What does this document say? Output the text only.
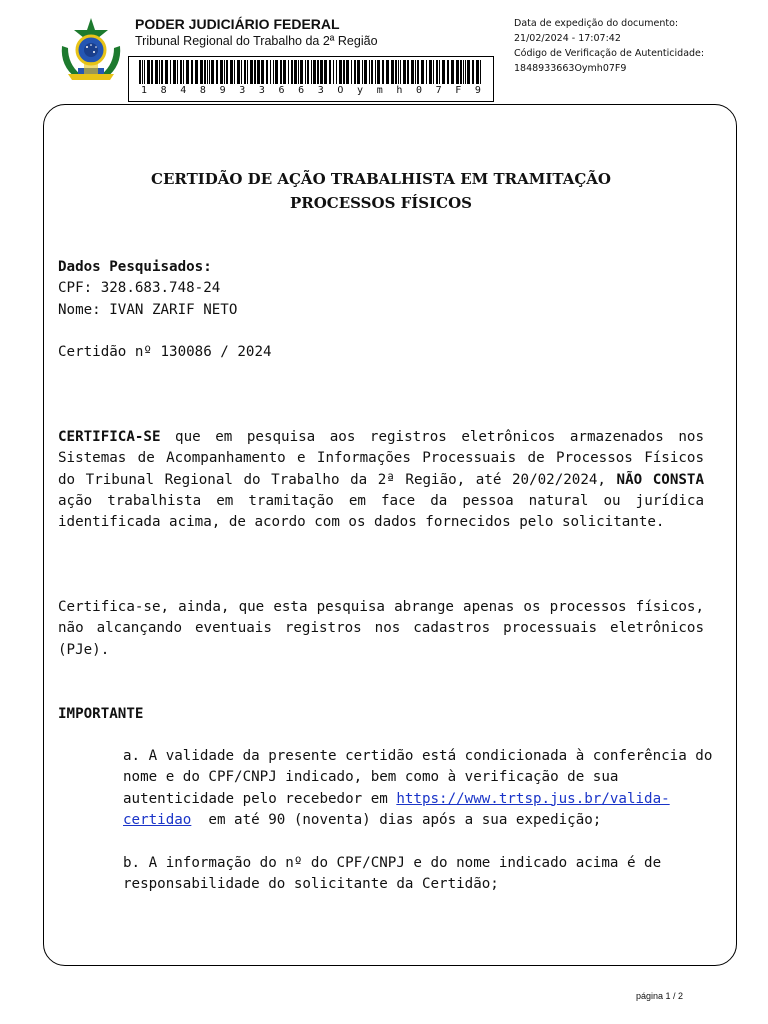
PODER JUDICIÁRIO FEDERAL
Tribunal Regional do Trabalho da 2ª Região
1 8 4 8 9 3 3 6 6 3 O y m h 0 7 F 9
Data de expedição do documento:
21/02/2024 - 17:07:42
Código de Verificação de Autenticidade:
1848933663Oymh07F9
CERTIDÃO DE AÇÃO TRABALHISTA EM TRAMITAÇÃO
PROCESSOS FÍSICOS
Dados Pesquisados:
CPF: 328.683.748-24
Nome: IVAN ZARIF NETO
Certidão nº 130086 / 2024
CERTIFICA-SE que em pesquisa aos registros eletrônicos armazenados nos Sistemas de Acompanhamento e Informações Processuais de Processos Físicos do Tribunal Regional do Trabalho da 2ª Região, até 20/02/2024, NÃO CONSTA ação trabalhista em tramitação em face da pessoa natural ou jurídica identificada acima, de acordo com os dados fornecidos pelo solicitante.
Certifica-se, ainda, que esta pesquisa abrange apenas os processos físicos, não alcançando eventuais registros nos cadastros processuais eletrônicos (PJe).
IMPORTANTE
a. A validade da presente certidão está condicionada à conferência do nome e do CPF/CNPJ indicado, bem como à verificação de sua autenticidade pelo recebedor em https://www.trtsp.jus.br/valida-certidao  em até 90 (noventa) dias após a sua expedição;
b. A informação do nº do CPF/CNPJ e do nome indicado acima é de responsabilidade do solicitante da Certidão;
página 1 / 2
